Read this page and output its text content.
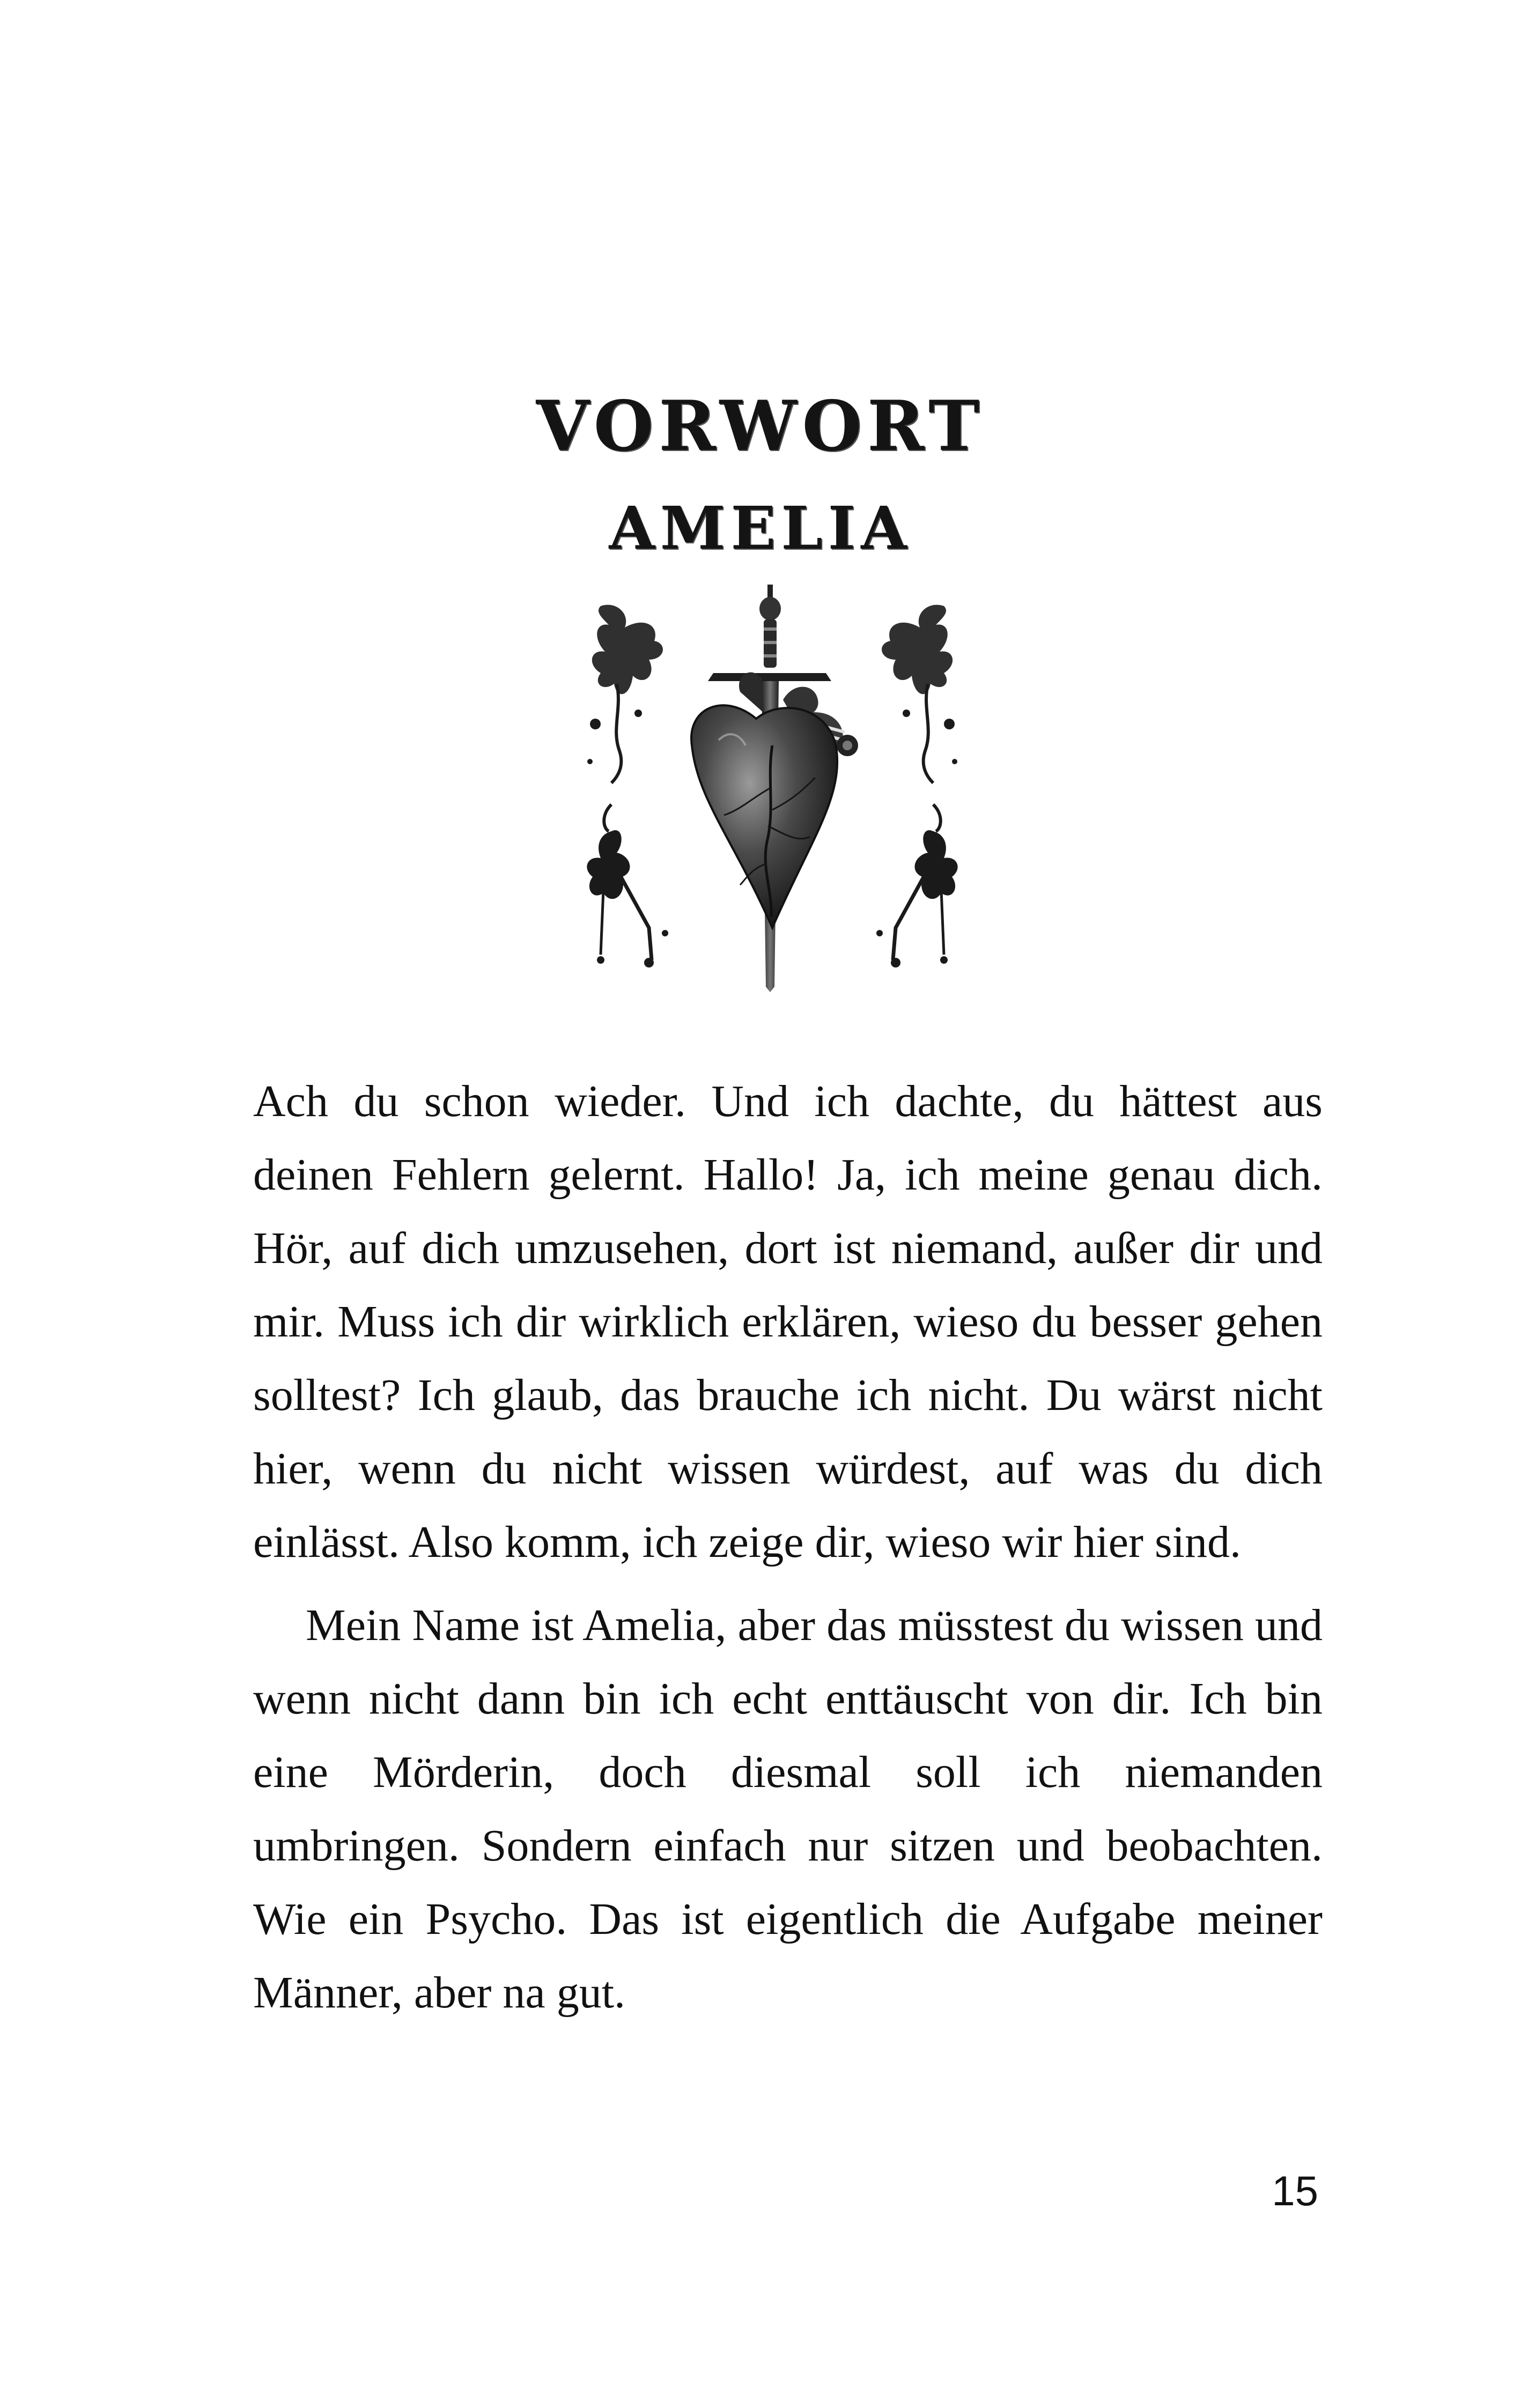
VORWORT
AMELIA

Ach du schon wieder. Und ich dachte, du hättest aus deinen Fehlern gelernt. Hallo! Ja, ich meine genau dich. Hör, auf dich umzusehen, dort ist niemand, außer dir und mir. Muss ich dir wirklich erklären, wieso du besser gehen solltest? Ich glaub, das brauche ich nicht. Du wärst nicht hier, wenn du nicht wissen würdest, auf was du dich einlässt. Also komm, ich zeige dir, wieso wir hier sind.

Mein Name ist Amelia, aber das müsstest du wissen und wenn nicht dann bin ich echt enttäuscht von dir. Ich bin eine Mörderin, doch diesmal soll ich niemanden umbringen. Sondern einfach nur sitzen und beobachten. Wie ein Psycho. Das ist eigentlich die Aufgabe meiner Männer, aber na gut.

15
